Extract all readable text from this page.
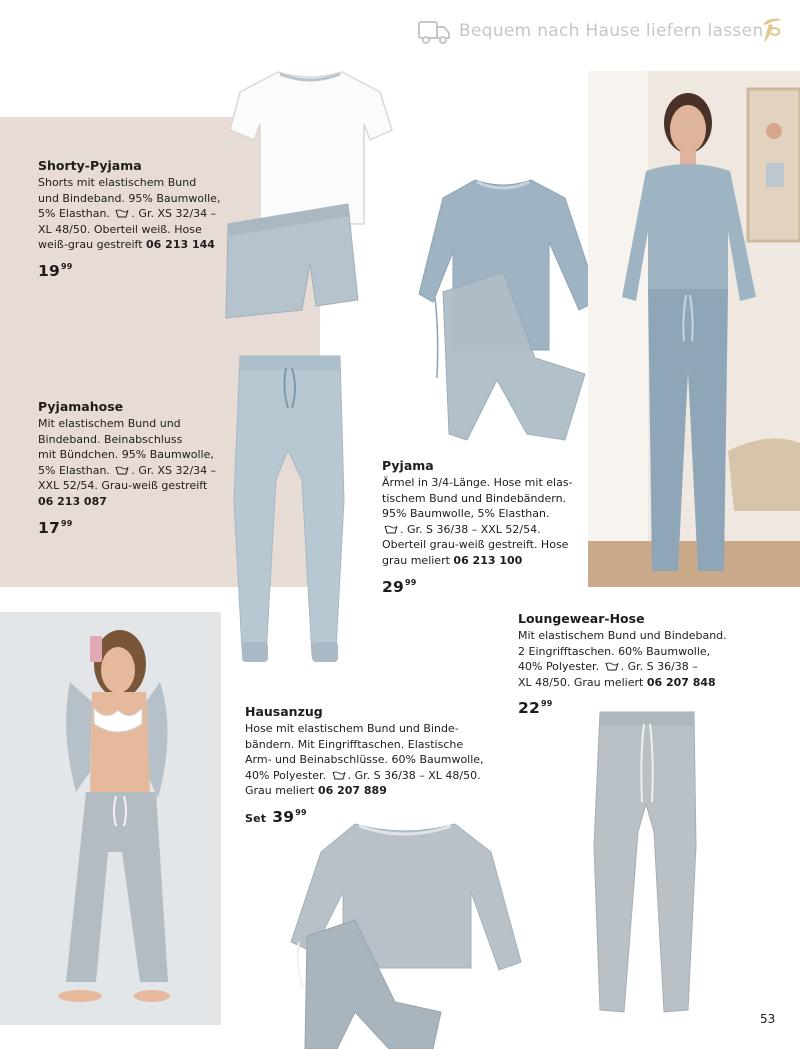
Bequem nach Hause liefern lassen
Shorty-Pyjama
Shorts mit elastischem Bund
und Bindeband. 95% Baumwolle,
5% Elasthan. . Gr. XS 32/34 –
XL 48/50. Oberteil weiß. Hose
weiß-grau gestreift 06 213 144
$19^{99}$
Pyjamahose
Mit elastischem Bund und
Bindeband. Beinabschluss
mit Bündchen. 95% Baumwolle,
5% Elasthan. . Gr. XS 32/34 –
XXL 52/54. Grau-weiß gestreift
06 213 087
$17^{99}$
Pyjama
Ärmel in 3/4-Länge. Hose mit elas-
tischem Bund und Bindebändern.
95% Baumwolle, 5% Elasthan.
. Gr. S 36/38 – XXL 52/54.
Oberteil grau-weiß gestreift. Hose
grau meliert 06 213 100
$29^{99}$
Loungewear-Hose
Mit elastischem Bund und Bindeband.
2 Eingrifftaschen. 60% Baumwolle,
40% Polyester. . Gr. S 36/38 –
XL 48/50. Grau meliert 06 207 848
$22^{99}$
Hausanzug
Hose mit elastischem Bund und Binde-
bändern. Mit Eingrifftaschen. Elastische
Arm- und Beinabschlüsse. 60% Baumwolle,
40% Polyester. . Gr. S 36/38 – XL 48/50.
Grau meliert 06 207 889
Set $39^{99}$
53
